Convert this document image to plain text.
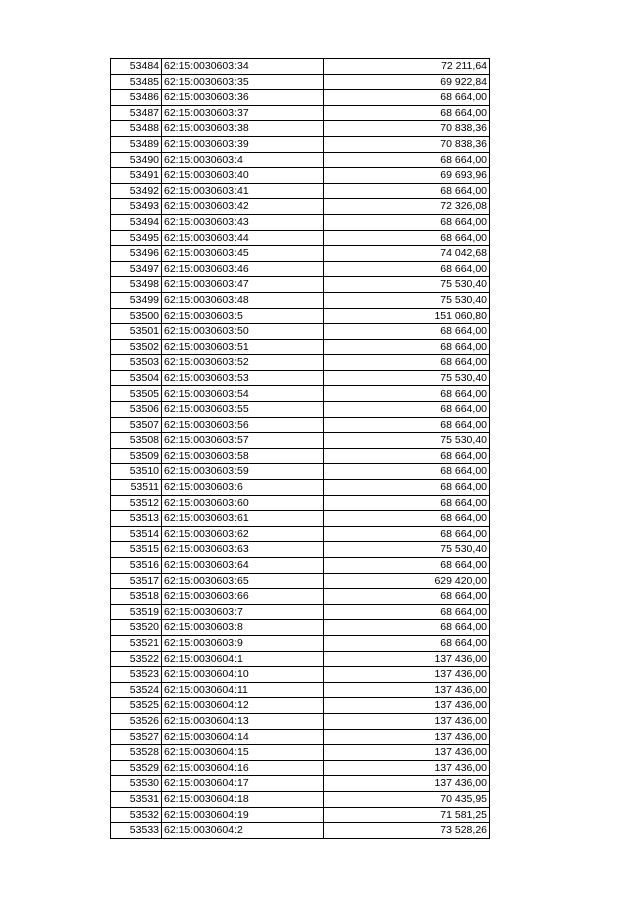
53484	62:15:0030603:34	72 211,64
53485	62:15:0030603:35	69 922,84
53486	62:15:0030603:36	68 664,00
53487	62:15:0030603:37	68 664,00
53488	62:15:0030603:38	70 838,36
53489	62:15:0030603:39	70 838,36
53490	62:15:0030603:4	68 664,00
53491	62:15:0030603:40	69 693,96
53492	62:15:0030603:41	68 664,00
53493	62:15:0030603:42	72 326,08
53494	62:15:0030603:43	68 664,00
53495	62:15:0030603:44	68 664,00
53496	62:15:0030603:45	74 042,68
53497	62:15:0030603:46	68 664,00
53498	62:15:0030603:47	75 530,40
53499	62:15:0030603:48	75 530,40
53500	62:15:0030603:5	151 060,80
53501	62:15:0030603:50	68 664,00
53502	62:15:0030603:51	68 664,00
53503	62:15:0030603:52	68 664,00
53504	62:15:0030603:53	75 530,40
53505	62:15:0030603:54	68 664,00
53506	62:15:0030603:55	68 664,00
53507	62:15:0030603:56	68 664,00
53508	62:15:0030603:57	75 530,40
53509	62:15:0030603:58	68 664,00
53510	62:15:0030603:59	68 664,00
53511	62:15:0030603:6	68 664,00
53512	62:15:0030603:60	68 664,00
53513	62:15:0030603:61	68 664,00
53514	62:15:0030603:62	68 664,00
53515	62:15:0030603:63	75 530,40
53516	62:15:0030603:64	68 664,00
53517	62:15:0030603:65	629 420,00
53518	62:15:0030603:66	68 664,00
53519	62:15:0030603:7	68 664,00
53520	62:15:0030603:8	68 664,00
53521	62:15:0030603:9	68 664,00
53522	62:15:0030604:1	137 436,00
53523	62:15:0030604:10	137 436,00
53524	62:15:0030604:11	137 436,00
53525	62:15:0030604:12	137 436,00
53526	62:15:0030604:13	137 436,00
53527	62:15:0030604:14	137 436,00
53528	62:15:0030604:15	137 436,00
53529	62:15:0030604:16	137 436,00
53530	62:15:0030604:17	137 436,00
53531	62:15:0030604:18	70 435,95
53532	62:15:0030604:19	71 581,25
53533	62:15:0030604:2	73 528,26
